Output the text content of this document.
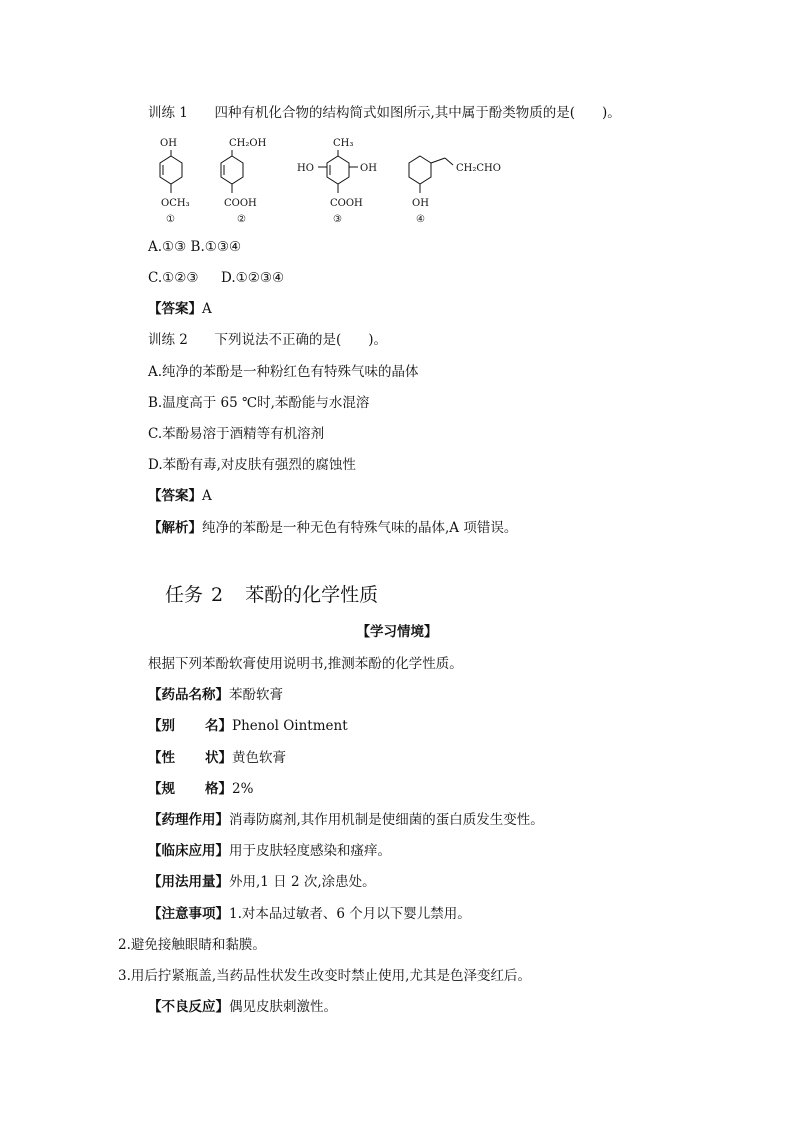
训练 1 四种有机化合物的结构简式如图所示,其中属于酚类物质的是(　　)。
OH
OCH₃
①
CH₂OH
COOH
②
CH₃
HO	OH
COOH
③
CH₂CHO
OH
④
A.①③ B.①③④
C.①②③ D.①②③④
【答案】A
训练 2 下列说法不正确的是(　　)。
A.纯净的苯酚是一种粉红色有特殊气味的晶体
B.温度高于 65 ℃时,苯酚能与水混溶
C.苯酚易溶于酒精等有机溶剂
D.苯酚有毒,对皮肤有强烈的腐蚀性
【答案】A
【解析】纯净的苯酚是一种无色有特殊气味的晶体,A 项错误。
任务 2 苯酚的化学性质
【学习情境】
根据下列苯酚软膏使用说明书,推测苯酚的化学性质。
【药品名称】苯酚软膏
【别 名】Phenol Ointment
【性 状】黄色软膏
【规 格】2%
【药理作用】消毒防腐剂,其作用机制是使细菌的蛋白质发生变性。
【临床应用】用于皮肤轻度感染和瘙痒。
【用法用量】外用,1 日 2 次,涂患处。
【注意事项】1.对本品过敏者、6 个月以下婴儿禁用。
2.避免接触眼睛和黏膜。
3.用后拧紧瓶盖,当药品性状发生改变时禁止使用,尤其是色泽变红后。
【不良反应】偶见皮肤刺激性。
